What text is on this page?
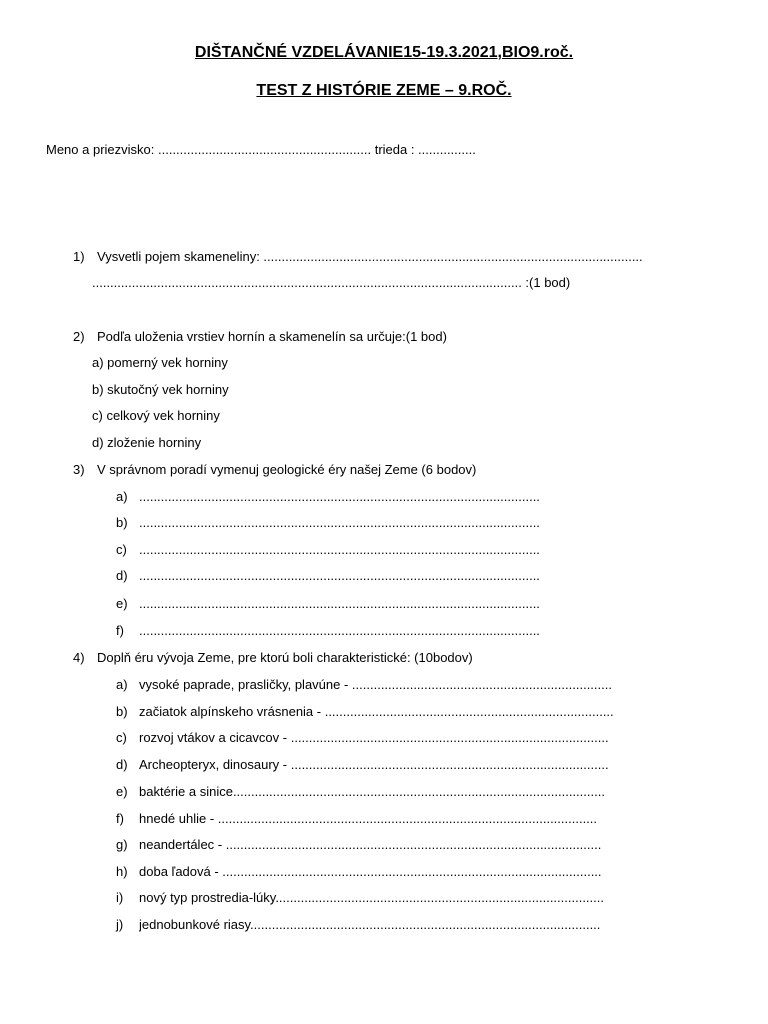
DIŠTANČNÉ VZDELÁVANIE15-19.3.2021,BIO9.roč.
TEST Z HISTÓRIE ZEME – 9.ROČ.
Meno a priezvisko: ........................................................... trieda : ................
1) Vysvetli pojem skameneliny: .........................................................................................................
....................................................................................................................... :(1 bod)
2) Podľa uloženia vrstiev hornín a skamenelín sa určuje:(1 bod)
a) pomerný vek horniny
b) skutočný vek horniny
c) celkový vek horniny
d) zloženie horniny
3) V správnom poradí vymenuj geologické éry našej Zeme (6 bodov)
a) ...............................................................................................................
b) ...............................................................................................................
c) ...............................................................................................................
d) ...............................................................................................................
e) ...............................................................................................................
f) ...............................................................................................................
4) Doplň éru vývoja Zeme, pre ktorú boli charakteristické: (10bodov)
a) vysoké paprade, prasličky, plavúne - ........................................................................
b) začiatok alpínskeho vrásnenia - ................................................................................
c) rozvoj vtákov a cicavcov - ........................................................................................
d) Archeopteryx, dinosaury - ........................................................................................
e) baktérie a sinice.......................................................................................................
f) hnedé uhlie - .........................................................................................................
g) neandertálec - ........................................................................................................
h) doba ľadová - .........................................................................................................
i) nový typ prostredia-lúky...........................................................................................
j) jednobunkové riasy.................................................................................................
